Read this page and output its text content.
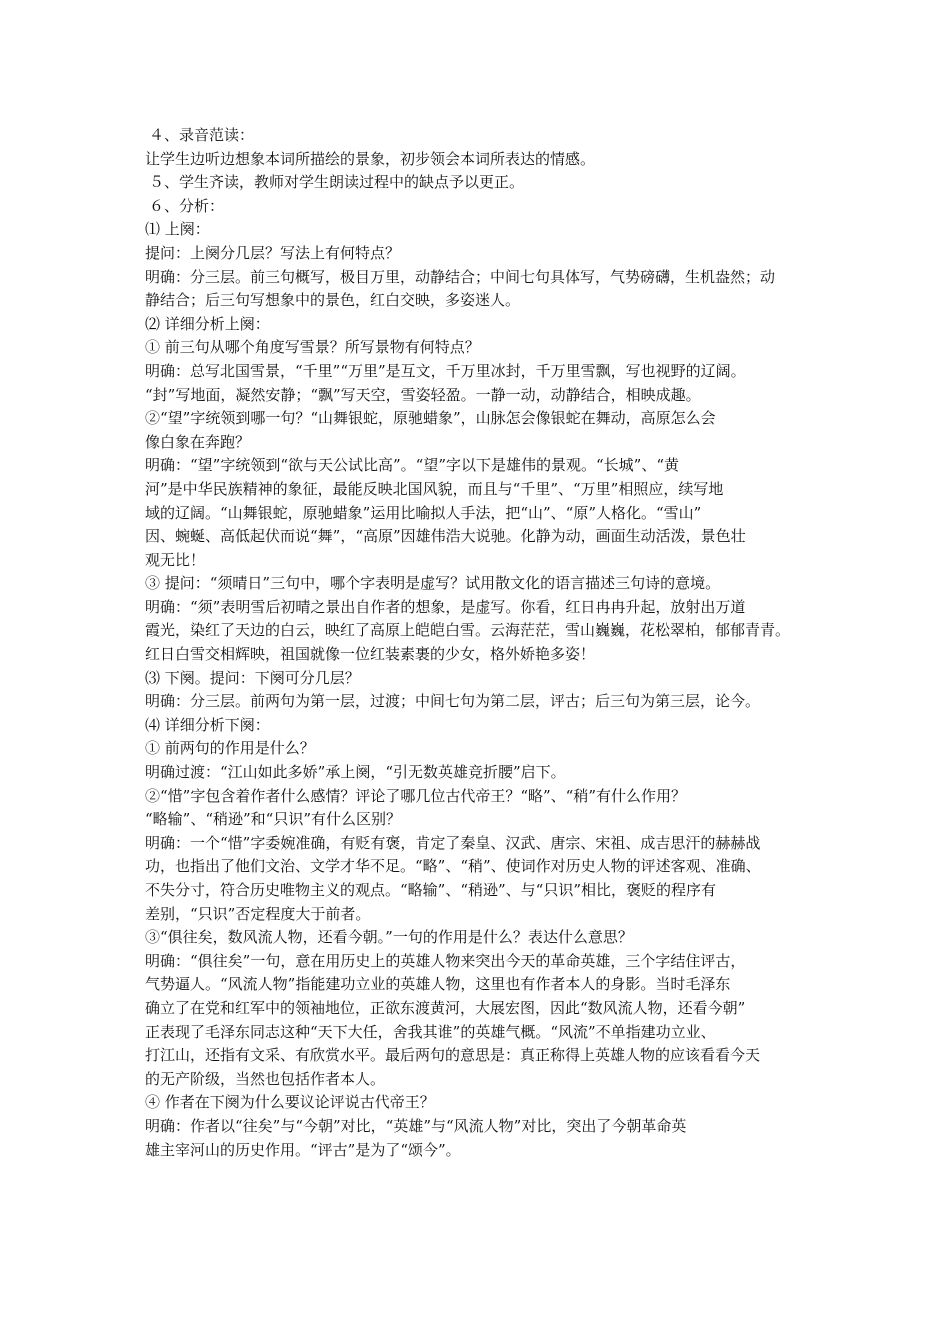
４、录音范读：

让学生边听边想象本词所描绘的景象，初步领会本词所表达的情感。

５、学生齐读，教师对学生朗读过程中的缺点予以更正。

６、分析：

⑴ 上阕：

提问：上阕分几层？写法上有何特点？

明确：分三层。前三句概写，极目万里，动静结合；中间七句具体写，气势磅礴，生机盎然；动

静结合；后三句写想象中的景色，红白交映，多姿迷人。

⑵ 详细分析上阕：

① 前三句从哪个角度写雪景？所写景物有何特点？

明确：总写北国雪景，“千里”“万里”是互文，千万里冰封，千万里雪飘，写也视野的辽阔。

“封”写地面，凝然安静；“飘”写天空，雪姿轻盈。一静一动，动静结合，相映成趣。

②“望”字统领到哪一句？“山舞银蛇，原驰蜡象”，山脉怎会像银蛇在舞动，高原怎么会

像白象在奔跑？

明确：“望”字统领到“欲与天公试比高”。“望”字以下是雄伟的景观。“长城”、“黄

河”是中华民族精神的象征，最能反映北国风貌，而且与“千里”、“万里”相照应，续写地

域的辽阔。“山舞银蛇，原驰蜡象”运用比喻拟人手法，把“山”、“原”人格化。“雪山”

因、蜿蜒、高低起伏而说“舞”，“高原”因雄伟浩大说驰。化静为动，画面生动活泼，景色壮

观无比！

③ 提问：“须晴日”三句中，哪个字表明是虚写？试用散文化的语言描述三句诗的意境。

明确：“须”表明雪后初晴之景出自作者的想象，是虚写。你看，红日冉冉升起，放射出万道

霞光，染红了天边的白云，映红了高原上皑皑白雪。云海茫茫，雪山巍巍，花松翠柏，郁郁青青。

红日白雪交相辉映，祖国就像一位红装素裹的少女，格外娇艳多姿！

⑶ 下阕。提问：下阕可分几层？

明确：分三层。前两句为第一层，过渡；中间七句为第二层，评古；后三句为第三层，论今。

⑷ 详细分析下阕：

① 前两句的作用是什么？

明确过渡：“江山如此多娇”承上阕，“引无数英雄竞折腰”启下。

②“惜”字包含着作者什么感情？评论了哪几位古代帝王？“略”、“稍”有什么作用？

“略输”、“稍逊”和“只识”有什么区别？

明确：一个“惜”字委婉准确，有贬有褒，肯定了秦皇、汉武、唐宗、宋祖、成吉思汗的赫赫战

功，也指出了他们文治、文学才华不足。“略”、“稍”、使词作对历史人物的评述客观、准确、

不失分寸，符合历史唯物主义的观点。“略输”、“稍逊”、与“只识”相比，褒贬的程序有

差别，“只识”否定程度大于前者。

③“俱往矣，数风流人物，还看今朝。”一句的作用是什么？表达什么意思？

明确：“俱往矣”一句，意在用历史上的英雄人物来突出今天的革命英雄，三个字结住评古，

气势逼人。“风流人物”指能建功立业的英雄人物，这里也有作者本人的身影。当时毛泽东

确立了在党和红军中的领袖地位，正欲东渡黄河，大展宏图，因此“数风流人物，还看今朝”

正表现了毛泽东同志这种“天下大任，舍我其谁”的英雄气概。“风流”不单指建功立业、

打江山，还指有文采、有欣赏水平。最后两句的意思是：真正称得上英雄人物的应该看看今天

的无产阶级，当然也包括作者本人。

④ 作者在下阕为什么要议论评说古代帝王？

明确：作者以“往矣”与“今朝”对比，“英雄”与“风流人物”对比，突出了今朝革命英

雄主宰河山的历史作用。“评古”是为了“颂今”。
